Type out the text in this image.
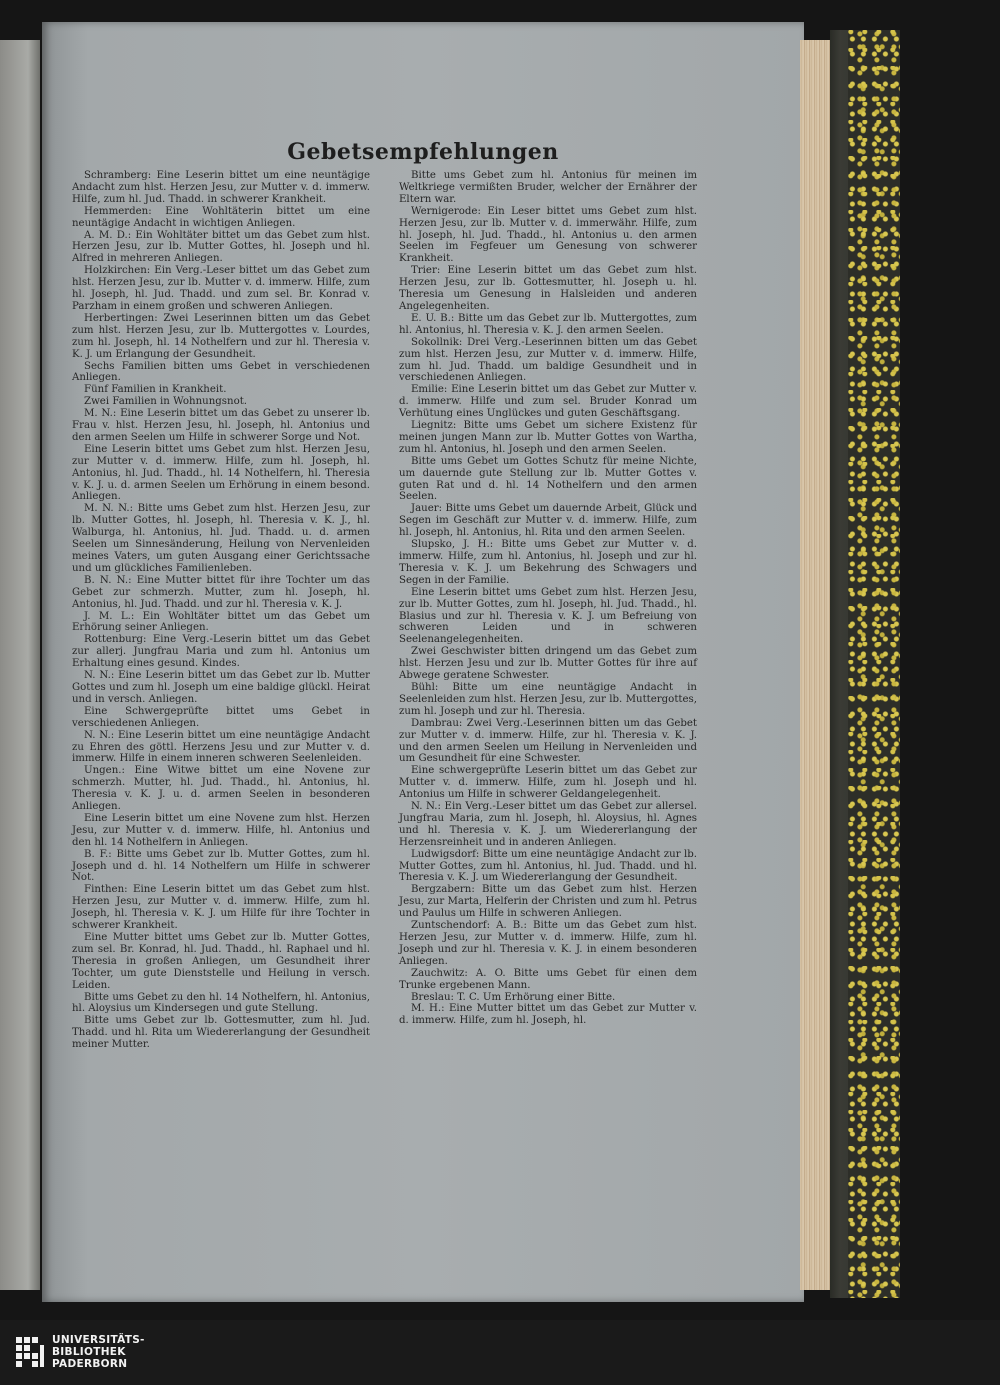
Gebetsempfehlungen

Schramberg: Eine Leserin bittet um eine neuntägige Andacht zum hlst. Herzen Jesu, zur Mutter v. d. immerw. Hilfe, zum hl. Jud. Thadd. in schwerer Krankheit.

Hemmerden: Eine Wohltäterin bittet um eine neuntägige Andacht in wichtigen Anliegen.

A. M. D.: Ein Wohltäter bittet um das Gebet zum hlst. Herzen Jesu, zur lb. Mutter Gottes, hl. Joseph und hl. Alfred in mehreren Anliegen.

Holzkirchen: Ein Verg.-Leser bittet um das Gebet zum hlst. Herzen Jesu, zur lb. Mutter v. d. immerw. Hilfe, zum hl. Joseph, hl. Jud. Thadd. und zum sel. Br. Konrad v. Parzham in einem großen und schweren Anliegen.

Herbertingen: Zwei Leserinnen bitten um das Gebet zum hlst. Herzen Jesu, zur lb. Muttergottes v. Lourdes, zum hl. Joseph, hl. 14 Nothelfern und zur hl. Theresia v. K. J. um Erlangung der Gesundheit.

Sechs Familien bitten ums Gebet in verschiedenen Anliegen.

Fünf Familien in Krankheit.

Zwei Familien in Wohnungsnot.

M. N.: Eine Leserin bittet um das Gebet zu unserer lb. Frau v. hlst. Herzen Jesu, hl. Joseph, hl. Antonius und den armen Seelen um Hilfe in schwerer Sorge und Not.

Eine Leserin bittet ums Gebet zum hlst. Herzen Jesu, zur Mutter v. d. immerw. Hilfe, zum hl. Joseph, hl. Antonius, hl. Jud. Thadd., hl. 14 Nothelfern, hl. Theresia v. K. J. u. d. armen Seelen um Erhörung in einem besond. Anliegen.

M. N. N.: Bitte ums Gebet zum hlst. Herzen Jesu, zur lb. Mutter Gottes, hl. Joseph, hl. Theresia v. K. J., hl. Walburga, hl. Antonius, hl. Jud. Thadd. u. d. armen Seelen um Sinnesänderung, Heilung von Nervenleiden meines Vaters, um guten Ausgang einer Gerichtssache und um glückliches Familienleben.

B. N. N.: Eine Mutter bittet für ihre Tochter um das Gebet zur schmerzh. Mutter, zum hl. Joseph, hl. Antonius, hl. Jud. Thadd. und zur hl. Theresia v. K. J.

J. M. L.: Ein Wohltäter bittet um das Gebet um Erhörung seiner Anliegen.

Rottenburg: Eine Verg.-Leserin bittet um das Gebet zur allerj. Jungfrau Maria und zum hl. Antonius um Erhaltung eines gesund. Kindes.

N. N.: Eine Leserin bittet um das Gebet zur lb. Mutter Gottes und zum hl. Joseph um eine baldige glückl. Heirat und in versch. Anliegen.

Eine Schwergeprüfte bittet ums Gebet in verschiedenen Anliegen.

N. N.: Eine Leserin bittet um eine neuntägige Andacht zu Ehren des göttl. Herzens Jesu und zur Mutter v. d. immerw. Hilfe in einem inneren schweren Seelenleiden.

Ungen.: Eine Witwe bittet um eine Novene zur schmerzh. Mutter, hl. Jud. Thadd., hl. Antonius, hl. Theresia v. K. J. u. d. armen Seelen in besonderen Anliegen.

Eine Leserin bittet um eine Novene zum hlst. Herzen Jesu, zur Mutter v. d. immerw. Hilfe, hl. Antonius und den hl. 14 Nothelfern in Anliegen.

B. F.: Bitte ums Gebet zur lb. Mutter Gottes, zum hl. Joseph und d. hl. 14 Nothelfern um Hilfe in schwerer Not.

Finthen: Eine Leserin bittet um das Gebet zum hlst. Herzen Jesu, zur Mutter v. d. immerw. Hilfe, zum hl. Joseph, hl. Theresia v. K. J. um Hilfe für ihre Tochter in schwerer Krankheit.

Eine Mutter bittet ums Gebet zur lb. Mutter Gottes, zum sel. Br. Konrad, hl. Jud. Thadd., hl. Raphael und hl. Theresia in großen Anliegen, um Gesundheit ihrer Tochter, um gute Dienststelle und Heilung in versch. Leiden.

Bitte ums Gebet zu den hl. 14 Nothelfern, hl. Antonius, hl. Aloysius um Kindersegen und gute Stellung.

Bitte ums Gebet zur lb. Gottesmutter, zum hl. Jud. Thadd. und hl. Rita um Wiedererlangung der Gesundheit meiner Mutter.

Bitte ums Gebet zum hl. Antonius für meinen im Weltkriege vermißten Bruder, welcher der Ernährer der Eltern war.

Wernigerode: Ein Leser bittet ums Gebet zum hlst. Herzen Jesu, zur lb. Mutter v. d. immerwähr. Hilfe, zum hl. Joseph, hl. Jud. Thadd., hl. Antonius u. den armen Seelen im Fegfeuer um Genesung von schwerer Krankheit.

Trier: Eine Leserin bittet um das Gebet zum hlst. Herzen Jesu, zur lb. Gottesmutter, hl. Joseph u. hl. Theresia um Genesung in Halsleiden und anderen Angelegenheiten.

E. U. B.: Bitte um das Gebet zur lb. Muttergottes, zum hl. Antonius, hl. Theresia v. K. J. den armen Seelen.

Sokollnik: Drei Verg.-Leserinnen bitten um das Gebet zum hlst. Herzen Jesu, zur Mutter v. d. immerw. Hilfe, zum hl. Jud. Thadd. um baldige Gesundheit und in verschiedenen Anliegen.

Emilie: Eine Leserin bittet um das Gebet zur Mutter v. d. immerw. Hilfe und zum sel. Bruder Konrad um Verhütung eines Unglückes und guten Geschäftsgang.

Liegnitz: Bitte ums Gebet um sichere Existenz für meinen jungen Mann zur lb. Mutter Gottes von Wartha, zum hl. Antonius, hl. Joseph und den armen Seelen.

Bitte ums Gebet um Gottes Schutz für meine Nichte, um dauernde gute Stellung zur lb. Mutter Gottes v. guten Rat und d. hl. 14 Nothelfern und den armen Seelen.

Jauer: Bitte ums Gebet um dauernde Arbeit, Glück und Segen im Geschäft zur Mutter v. d. immerw. Hilfe, zum hl. Joseph, hl. Antonius, hl. Rita und den armen Seelen.

Slupsko, J. H.: Bitte ums Gebet zur Mutter v. d. immerw. Hilfe, zum hl. Antonius, hl. Joseph und zur hl. Theresia v. K. J. um Bekehrung des Schwagers und Segen in der Familie.

Eine Leserin bittet ums Gebet zum hlst. Herzen Jesu, zur lb. Mutter Gottes, zum hl. Joseph, hl. Jud. Thadd., hl. Blasius und zur hl. Theresia v. K. J. um Befreiung von schweren Leiden und in schweren Seelenangelegenheiten.

Zwei Geschwister bitten dringend um das Gebet zum hlst. Herzen Jesu und zur lb. Mutter Gottes für ihre auf Abwege geratene Schwester.

Bühl: Bitte um eine neuntägige Andacht in Seelenleiden zum hlst. Herzen Jesu, zur lb. Muttergottes, zum hl. Joseph und zur hl. Theresia.

Dambrau: Zwei Verg.-Leserinnen bitten um das Gebet zur Mutter v. d. immerw. Hilfe, zur hl. Theresia v. K. J. und den armen Seelen um Heilung in Nervenleiden und um Gesundheit für eine Schwester.

Eine schwergeprüfte Leserin bittet um das Gebet zur Mutter v. d. immerw. Hilfe, zum hl. Joseph und hl. Antonius um Hilfe in schwerer Geldangelegenheit.

N. N.: Ein Verg.-Leser bittet um das Gebet zur allersel. Jungfrau Maria, zum hl. Joseph, hl. Aloysius, hl. Agnes und hl. Theresia v. K. J. um Wiedererlangung der Herzensreinheit und in anderen Anliegen.

Ludwigsdorf: Bitte um eine neuntägige Andacht zur lb. Mutter Gottes, zum hl. Antonius, hl. Jud. Thadd. und hl. Theresia v. K. J. um Wiedererlangung der Gesundheit.

Bergzabern: Bitte um das Gebet zum hlst. Herzen Jesu, zur Marta, Helferin der Christen und zum hl. Petrus und Paulus um Hilfe in schweren Anliegen.

Zuntschendorf: A. B.: Bitte um das Gebet zum hlst. Herzen Jesu, zur Mutter v. d. immerw. Hilfe, zum hl. Joseph und zur hl. Theresia v. K. J. in einem besonderen Anliegen.

Zauchwitz: A. O. Bitte ums Gebet für einen dem Trunke ergebenen Mann.

Breslau: T. C. Um Erhörung einer Bitte.

M. H.: Eine Mutter bittet um das Gebet zur Mutter v. d. immerw. Hilfe, zum hl. Joseph, hl.

UNIVERSITÄTS-
BIBLIOTHEK
PADERBORN
